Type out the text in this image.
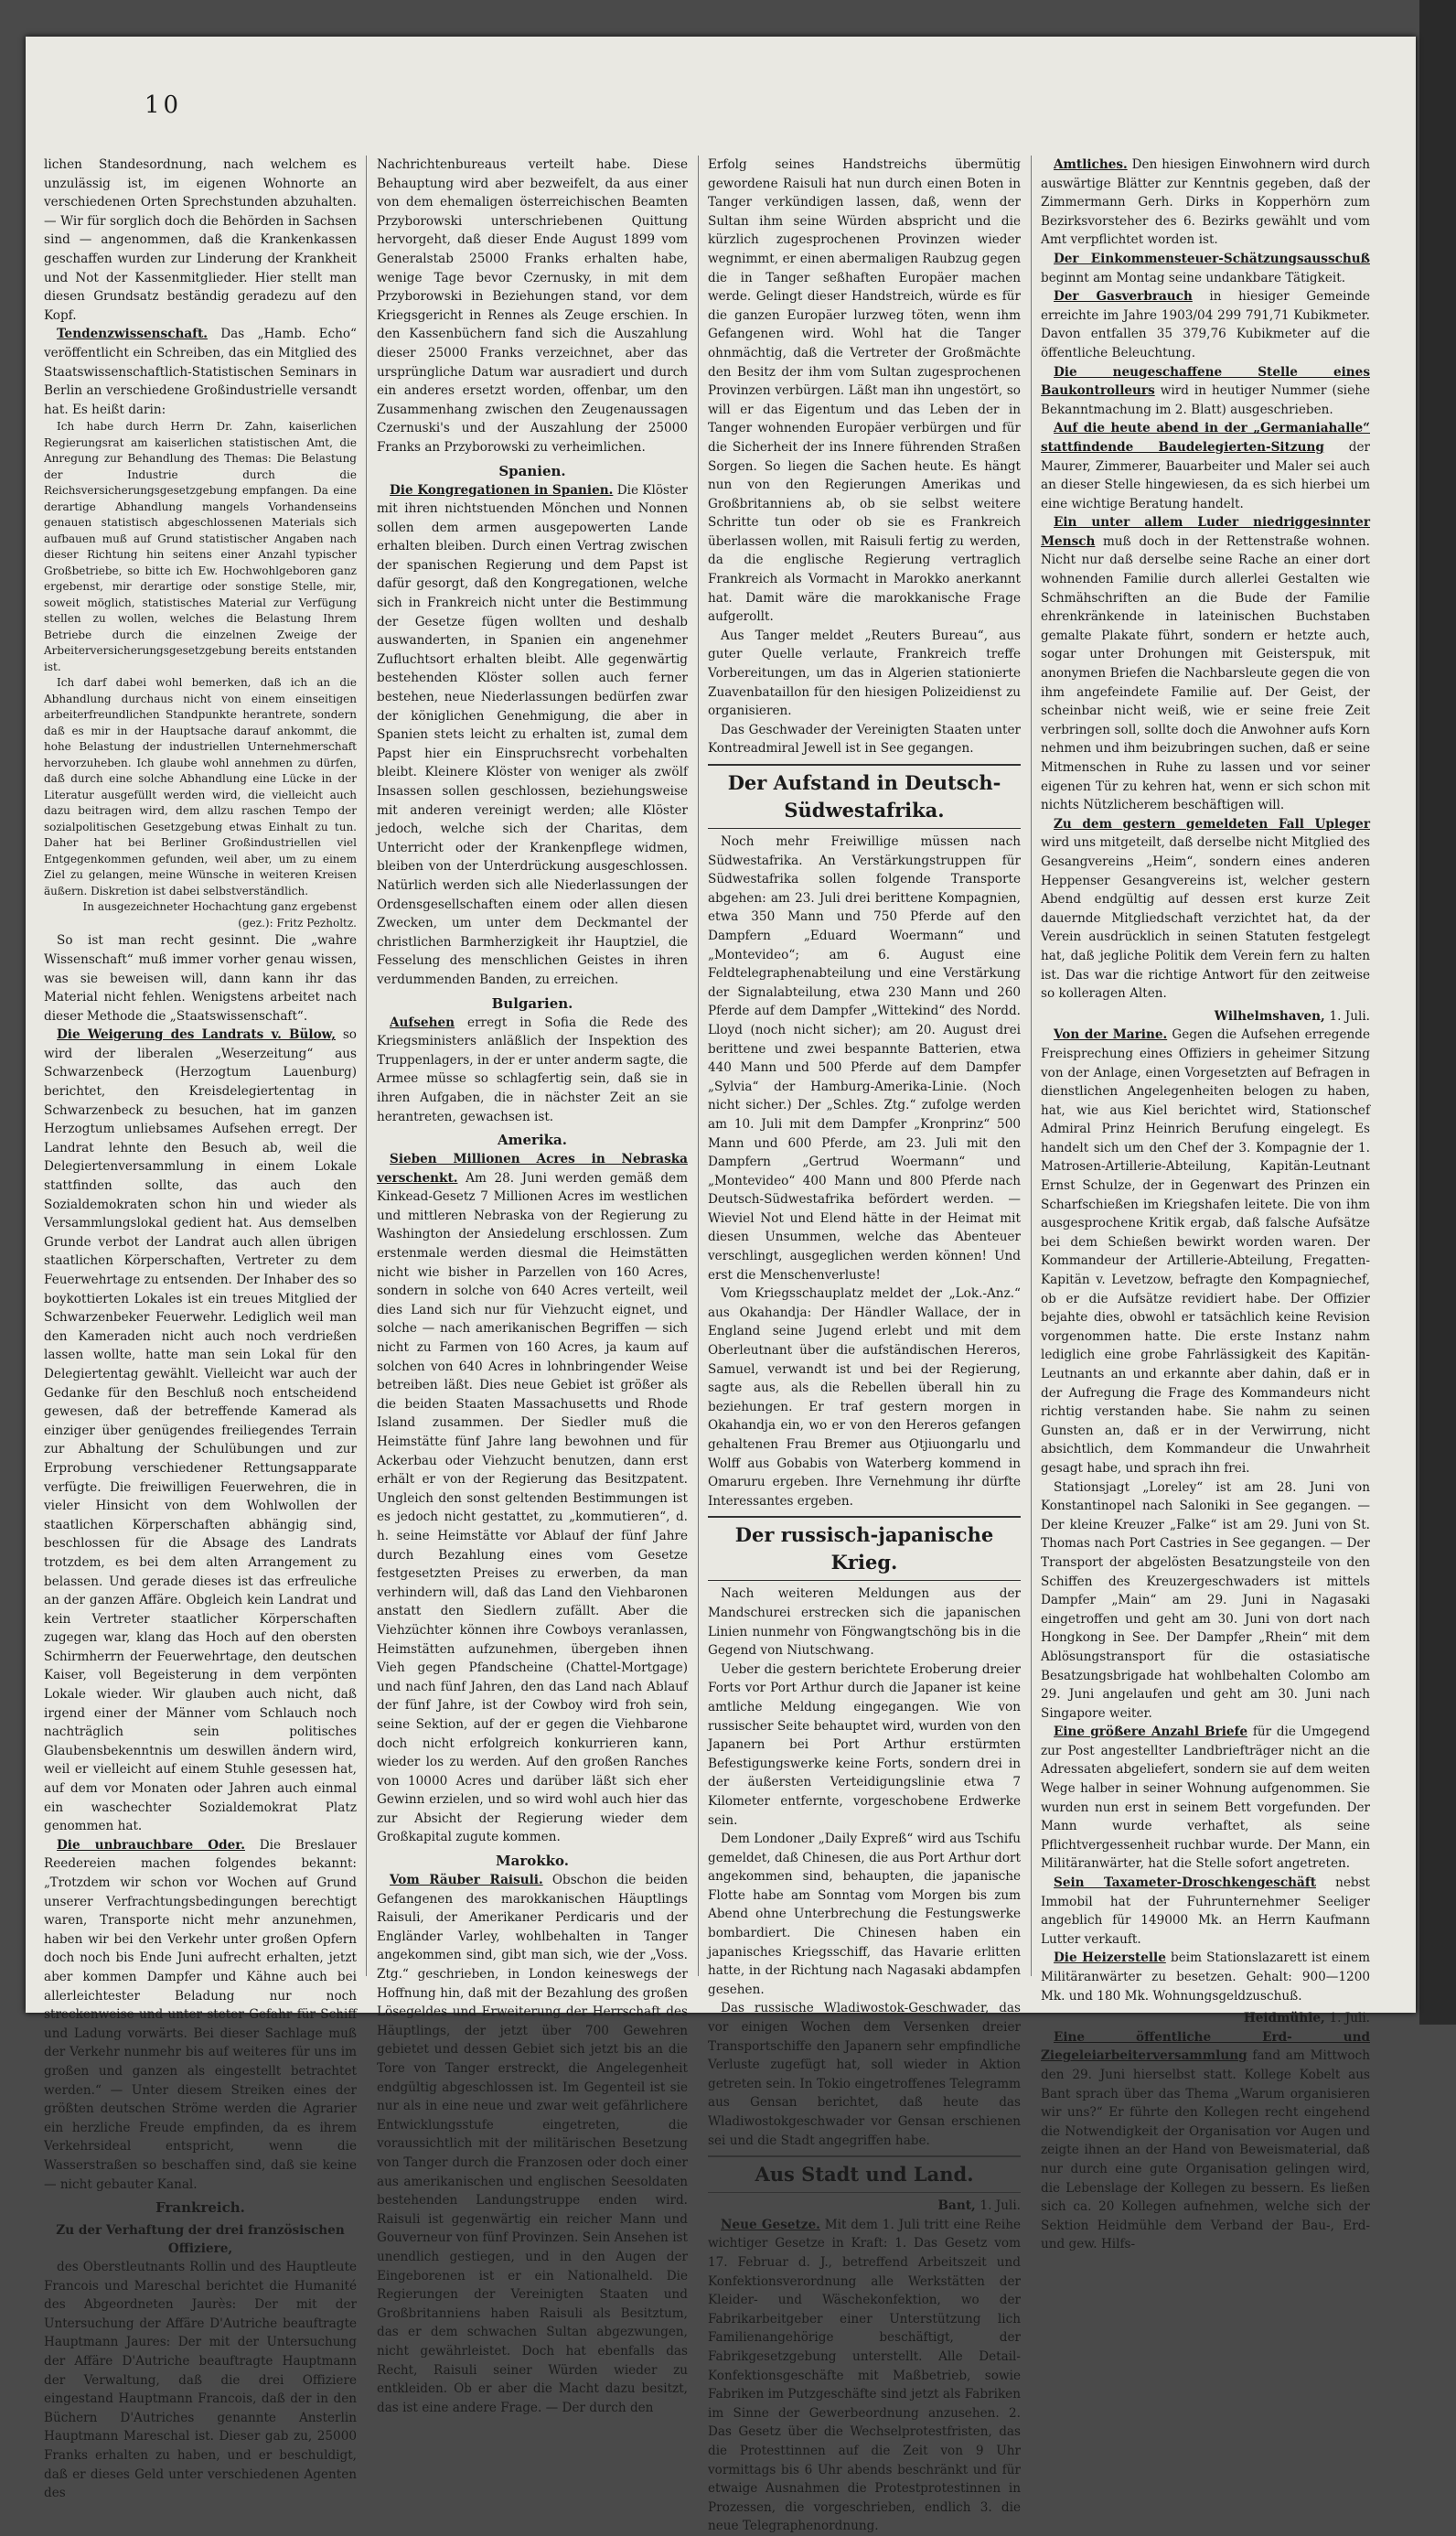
10

lichen Standesordnung, nach welchem es unzulässig ist, im eigenen Wohnorte an verschiedenen Orten Sprechstunden abzuhalten. — Wir für sorglich doch die Behörden in Sachsen sind — angenommen, daß die Krankenkassen geschaffen wurden zur Linderung der Krankheit und Not der Kassenmitglieder. Hier stellt man diesen Grundsatz beständig geradezu auf den Kopf.

Tendenzwissenschaft. Das „Hamb. Echo“ veröffentlicht ein Schreiben, das ein Mitglied des Staatswissenschaftlich-Statistischen Seminars in Berlin an verschiedene Großindustrielle versandt hat. Es heißt darin:

Ich habe durch Herrn Dr. Zahn, kaiserlichen Regierungsrat am kaiserlichen statistischen Amt, die Anregung zur Behandlung des Themas: Die Belastung der Industrie durch die Reichsversicherungsgesetzgebung empfangen. Da eine derartige Abhandlung mangels Vorhandenseins genauen statistisch abgeschlossenen Materials sich aufbauen muß auf Grund statistischer Angaben nach dieser Richtung hin seitens einer Anzahl typischer Großbetriebe, so bitte ich Ew. Hochwohlgeboren ganz ergebenst, mir derartige oder sonstige Stelle, mir, soweit möglich, statistisches Material zur Verfügung stellen zu wollen, welches die Belastung Ihrem Betriebe durch die einzelnen Zweige der Arbeiterversicherungsgesetzgebung bereits entstanden ist.

Ich darf dabei wohl bemerken, daß ich an die Abhandlung durchaus nicht von einem einseitigen arbeiterfreundlichen Standpunkte herantrete, sondern daß es mir in der Hauptsache darauf ankommt, die hohe Belastung der industriellen Unternehmerschaft hervorzuheben. Ich glaube wohl annehmen zu dürfen, daß durch eine solche Abhandlung eine Lücke in der Literatur ausgefüllt werden wird, die vielleicht auch dazu beitragen wird, dem allzu raschen Tempo der sozialpolitischen Gesetzgebung etwas Einhalt zu tun. Daher hat bei Berliner Großindustriellen viel Entgegenkommen gefunden, weil aber, um zu einem Ziel zu gelangen, meine Wünsche in weiteren Kreisen äußern. Diskretion ist dabei selbstverständlich.

In ausgezeichneter Hochachtung ganz ergebenst

(gez.): Fritz Pezholtz.

So ist man recht gesinnt. Die „wahre Wissenschaft“ muß immer vorher genau wissen, was sie beweisen will, dann kann ihr das Material nicht fehlen. Wenigstens arbeitet nach dieser Methode die „Staatswissenschaft“.

Die Weigerung des Landrats v. Bülow, so wird der liberalen „Weserzeitung“ aus Schwarzenbeck (Herzogtum Lauenburg) berichtet, den Kreisdelegiertentag in Schwarzenbeck zu besuchen, hat im ganzen Herzogtum unliebsames Aufsehen erregt. Der Landrat lehnte den Besuch ab, weil die Delegiertenversammlung in einem Lokale stattfinden sollte, das auch den Sozialdemokraten schon hin und wieder als Versammlungslokal gedient hat. Aus demselben Grunde verbot der Landrat auch allen übrigen staatlichen Körperschaften, Vertreter zu dem Feuerwehrtage zu entsenden. Der Inhaber des so boykottierten Lokales ist ein treues Mitglied der Schwarzenbeker Feuerwehr. Lediglich weil man den Kameraden nicht auch noch verdrießen lassen wollte, hatte man sein Lokal für den Delegiertentag gewählt. Vielleicht war auch der Gedanke für den Beschluß noch entscheidend gewesen, daß der betreffende Kamerad als einziger über genügendes freiliegendes Terrain zur Abhaltung der Schulübungen und zur Erprobung verschiedener Rettungsapparate verfügte. Die freiwilligen Feuerwehren, die in vieler Hinsicht von dem Wohlwollen der staatlichen Körperschaften abhängig sind, beschlossen für die Absage des Landrats trotzdem, es bei dem alten Arrangement zu belassen. Und gerade dieses ist das erfreuliche an der ganzen Affäre. Obgleich kein Landrat und kein Vertreter staatlicher Körperschaften zugegen war, klang das Hoch auf den obersten Schirmherrn der Feuerwehrtage, den deutschen Kaiser, voll Begeisterung in dem verpönten Lokale wieder. Wir glauben auch nicht, daß irgend einer der Männer vom Schlauch noch nachträglich sein politisches Glaubensbekenntnis um deswillen ändern wird, weil er vielleicht auf einem Stuhle gesessen hat, auf dem vor Monaten oder Jahren auch einmal ein waschechter Sozialdemokrat Platz genommen hat.

Die unbrauchbare Oder. Die Breslauer Reedereien machen folgendes bekannt: „Trotzdem wir schon vor Wochen auf Grund unserer Verfrachtungsbedingungen berechtigt waren, Transporte nicht mehr anzunehmen, haben wir bei den Verkehr unter großen Opfern doch noch bis Ende Juni aufrecht erhalten, jetzt aber kommen Dampfer und Kähne auch bei allerleichtester Beladung nur noch streckenweise und unter steter Gefahr für Schiff und Ladung vorwärts. Bei dieser Sachlage muß der Verkehr nunmehr bis auf weiteres für uns im großen und ganzen als eingestellt betrachtet werden.“ — Unter diesem Streiken eines der größten deutschen Ströme werden die Agrarier ein herzliche Freude empfinden, da es ihrem Verkehrsideal entspricht, wenn die Wasserstraßen so beschaffen sind, daß sie keine — nicht gebauter Kanal.

Frankreich.
Zu der Verhaftung der drei französischen Offiziere,

des Oberstleutnants Rollin und des Hauptleute Francois und Mareschal berichtet die Humanité des Abgeordneten Jaurès: Der mit der Untersuchung der Affäre D'Autriche beauftragte Hauptmann Jaures: Der mit der Untersuchung der Affäre D'Autriche beauftragte Hauptmann der Verwaltung, daß die drei Offiziere eingestand Hauptmann Francois, daß der in den Büchern D'Autriches genannte Ansterlin Hauptmann Mareschal ist. Dieser gab zu, 25000 Franks erhalten zu haben, und er beschuldigt, daß er dieses Geld unter verschiedenen Agenten des

Nachrichtenbureaus verteilt habe. Diese Behauptung wird aber bezweifelt, da aus einer von dem ehemaligen österreichischen Beamten Przyborowski unterschriebenen Quittung hervorgeht, daß dieser Ende August 1899 vom Generalstab 25000 Franks erhalten habe, wenige Tage bevor Czernusky, in mit dem Przyborowski in Beziehungen stand, vor dem Kriegsgericht in Rennes als Zeuge erschien. In den Kassenbüchern fand sich die Auszahlung dieser 25000 Franks verzeichnet, aber das ursprüngliche Datum war ausradiert und durch ein anderes ersetzt worden, offenbar, um den Zusammenhang zwischen den Zeugenaussagen Czernuski's und der Auszahlung der 25000 Franks an Przyborowski zu verheimlichen.

Spanien.

Die Kongregationen in Spanien. Die Klöster mit ihren nichtstuenden Mönchen und Nonnen sollen dem armen ausgepowerten Lande erhalten bleiben. Durch einen Vertrag zwischen der spanischen Regierung und dem Papst ist dafür gesorgt, daß den Kongregationen, welche sich in Frankreich nicht unter die Bestimmung der Gesetze fügen wollten und deshalb auswanderten, in Spanien ein angenehmer Zufluchtsort erhalten bleibt. Alle gegenwärtig bestehenden Klöster sollen auch ferner bestehen, neue Niederlassungen bedürfen zwar der königlichen Genehmigung, die aber in Spanien stets leicht zu erhalten ist, zumal dem Papst hier ein Einspruchsrecht vorbehalten bleibt. Kleinere Klöster von weniger als zwölf Insassen sollen geschlossen, beziehungsweise mit anderen vereinigt werden; alle Klöster jedoch, welche sich der Charitas, dem Unterricht oder der Krankenpflege widmen, bleiben von der Unterdrückung ausgeschlossen. Natürlich werden sich alle Niederlassungen der Ordensgesellschaften einem oder allen diesen Zwecken, um unter dem Deckmantel der christlichen Barmherzigkeit ihr Hauptziel, die Fesselung des menschlichen Geistes in ihren verdummenden Banden, zu erreichen.

Bulgarien.

Aufsehen erregt in Sofia die Rede des Kriegsministers anläßlich der Inspektion des Truppenlagers, in der er unter anderm sagte, die Armee müsse so schlagfertig sein, daß sie in ihren Aufgaben, die in nächster Zeit an sie herantreten, gewachsen ist.

Amerika.

Sieben Millionen Acres in Nebraska verschenkt. Am 28. Juni werden gemäß dem Kinkead-Gesetz 7 Millionen Acres im westlichen und mittleren Nebraska von der Regierung zu Washington der Ansiedelung erschlossen. Zum erstenmale werden diesmal die Heimstätten nicht wie bisher in Parzellen von 160 Acres, sondern in solche von 640 Acres verteilt, weil dies Land sich nur für Viehzucht eignet, und solche — nach amerikanischen Begriffen — sich nicht zu Farmen von 160 Acres, ja kaum auf solchen von 640 Acres in lohnbringender Weise betreiben läßt. Dies neue Gebiet ist größer als die beiden Staaten Massachusetts und Rhode Island zusammen. Der Siedler muß die Heimstätte fünf Jahre lang bewohnen und für Ackerbau oder Viehzucht benutzen, dann erst erhält er von der Regierung das Besitzpatent. Ungleich den sonst geltenden Bestimmungen ist es jedoch nicht gestattet, zu „kommutieren“, d. h. seine Heimstätte vor Ablauf der fünf Jahre durch Bezahlung eines vom Gesetze festgesetzten Preises zu erwerben, da man verhindern will, daß das Land den Viehbaronen anstatt den Siedlern zufällt. Aber die Viehzüchter können ihre Cowboys veranlassen, Heimstätten aufzunehmen, übergeben ihnen Vieh gegen Pfandscheine (Chattel-Mortgage) und nach fünf Jahren, den das Land nach Ablauf der fünf Jahre, ist der Cowboy wird froh sein, seine Sektion, auf der er gegen die Viehbarone doch nicht erfolgreich konkurrieren kann, wieder los zu werden. Auf den großen Ranches von 10000 Acres und darüber läßt sich eher Gewinn erzielen, und so wird wohl auch hier das zur Absicht der Regierung wieder dem Großkapital zugute kommen.

Marokko.

Vom Räuber Raisuli. Obschon die beiden Gefangenen des marokkanischen Häuptlings Raisuli, der Amerikaner Perdicaris und der Engländer Varley, wohlbehalten in Tanger angekommen sind, gibt man sich, wie der „Voss. Ztg.“ geschrieben, in London keineswegs der Hoffnung hin, daß mit der Bezahlung des großen Lösegeldes und Erweiterung der Herrschaft des Häuptlings, der jetzt über 700 Gewehren gebietet und dessen Gebiet sich jetzt bis an die Tore von Tanger erstreckt, die Angelegenheit endgültig abgeschlossen ist. Im Gegenteil ist sie nur als in eine neue und zwar weit gefährlichere Entwicklungsstufe eingetreten, die voraussichtlich mit der militärischen Besetzung von Tanger durch die Franzosen oder doch einer aus amerikanischen und englischen Seesoldaten bestehenden Landungstruppe enden wird. Raisuli ist gegenwärtig ein reicher Mann und Gouverneur von fünf Provinzen. Sein Ansehen ist unendlich gestiegen, und in den Augen der Eingeborenen ist er ein Nationalheld. Die Regierungen der Vereinigten Staaten und Großbritanniens haben Raisuli als Besitztum, das er dem schwachen Sultan abgezwungen, nicht gewährleistet. Doch hat ebenfalls das Recht, Raisuli seiner Würden wieder zu entkleiden. Ob er aber die Macht dazu besitzt, das ist eine andere Frage. — Der durch den

Erfolg seines Handstreichs übermütig gewordene Raisuli hat nun durch einen Boten in Tanger verkündigen lassen, daß, wenn der Sultan ihm seine Würden abspricht und die kürzlich zugesprochenen Provinzen wieder wegnimmt, er einen abermaligen Raubzug gegen die in Tanger seßhaften Europäer machen werde. Gelingt dieser Handstreich, würde es für die ganzen Europäer lurzweg töten, wenn ihm Gefangenen wird. Wohl hat die Tanger ohnmächtig, daß die Vertreter der Großmächte den Besitz der ihm vom Sultan zugesprochenen Provinzen verbürgen. Läßt man ihn ungestört, so will er das Eigentum und das Leben der in Tanger wohnenden Europäer verbürgen und für die Sicherheit der ins Innere führenden Straßen Sorgen. So liegen die Sachen heute. Es hängt nun von den Regierungen Amerikas und Großbritanniens ab, ob sie selbst weitere Schritte tun oder ob sie es Frankreich überlassen wollen, mit Raisuli fertig zu werden, da die englische Regierung vertraglich Frankreich als Vormacht in Marokko anerkannt hat. Damit wäre die marokkanische Frage aufgerollt.

Aus Tanger meldet „Reuters Bureau“, aus guter Quelle verlaute, Frankreich treffe Vorbereitungen, um das in Algerien stationierte Zuavenbataillon für den hiesigen Polizeidienst zu organisieren.

Das Geschwader der Vereinigten Staaten unter Kontreadmiral Jewell ist in See gegangen.

Der Aufstand in Deutsch-Südwestafrika.

Noch mehr Freiwillige müssen nach Südwestafrika. An Verstärkungstruppen für Südwestafrika sollen folgende Transporte abgehen: am 23. Juli drei berittene Kompagnien, etwa 350 Mann und 750 Pferde auf den Dampfern „Eduard Woermann“ und „Montevideo“; am 6. August eine Feldtelegraphenabteilung und eine Verstärkung der Signalabteilung, etwa 230 Mann und 260 Pferde auf dem Dampfer „Wittekind“ des Nordd. Lloyd (noch nicht sicher); am 20. August drei berittene und zwei bespannte Batterien, etwa 440 Mann und 500 Pferde auf dem Dampfer „Sylvia“ der Hamburg-Amerika-Linie. (Noch nicht sicher.) Der „Schles. Ztg.“ zufolge werden am 10. Juli mit dem Dampfer „Kronprinz“ 500 Mann und 600 Pferde, am 23. Juli mit den Dampfern „Gertrud Woermann“ und „Montevideo“ 400 Mann und 800 Pferde nach Deutsch-Südwestafrika befördert werden. — Wieviel Not und Elend hätte in der Heimat mit diesen Unsummen, welche das Abenteuer verschlingt, ausgeglichen werden können! Und erst die Menschenverluste!

Vom Kriegsschauplatz meldet der „Lok.-Anz.“ aus Okahandja: Der Händler Wallace, der in England seine Jugend erlebt und mit dem Oberleutnant über die aufständischen Hereros, Samuel, verwandt ist und bei der Regierung, sagte aus, als die Rebellen überall hin zu beziehungen. Er traf gestern morgen in Okahandja ein, wo er von den Hereros gefangen gehaltenen Frau Bremer aus Otjiuongarlu und Wolff aus Gobabis von Waterberg kommend in Omaruru ergeben. Ihre Vernehmung ihr dürfte Interessantes ergeben.

Der russisch-japanische Krieg.

Nach weiteren Meldungen aus der Mandschurei erstrecken sich die japanischen Linien nunmehr von Föngwangtschöng bis in die Gegend von Niutschwang.

Ueber die gestern berichtete Eroberung dreier Forts vor Port Arthur durch die Japaner ist keine amtliche Meldung eingegangen. Wie von russischer Seite behauptet wird, wurden von den Japanern bei Port Arthur erstürmten Befestigungswerke keine Forts, sondern drei in der äußersten Verteidigungslinie etwa 7 Kilometer entfernte, vorgeschobene Erdwerke sein.

Dem Londoner „Daily Expreß“ wird aus Tschifu gemeldet, daß Chinesen, die aus Port Arthur dort angekommen sind, behaupten, die japanische Flotte habe am Sonntag vom Morgen bis zum Abend ohne Unterbrechung die Festungswerke bombardiert. Die Chinesen haben ein japanisches Kriegsschiff, das Havarie erlitten hatte, in der Richtung nach Nagasaki abdampfen gesehen.

Das russische Wladiwostok-Geschwader, das vor einigen Wochen dem Versenken dreier Transportschiffe den Japanern sehr empfindliche Verluste zugefügt hat, soll wieder in Aktion getreten sein. In Tokio eingetroffenes Telegramm aus Gensan berichtet, daß heute das Wladiwostokgeschwader vor Gensan erschienen sei und die Stadt angegriffen habe.

Aus Stadt und Land.
Bant, 1. Juli.

Neue Gesetze. Mit dem 1. Juli tritt eine Reihe wichtiger Gesetze in Kraft: 1. Das Gesetz vom 17. Februar d. J., betreffend Arbeitszeit und Konfektionsverordnung alle Werkstätten der Kleider- und Wäschekonfektion, wo der Fabrikarbeitgeber einer Unterstützung lich Familienangehörige beschäftigt, der Fabrikgesetzgebung unterstellt. Alle Detail-Konfektionsgeschäfte mit Maßbetrieb, sowie Fabriken im Putzgeschäfte sind jetzt als Fabriken im Sinne der Gewerbeordnung anzusehen. 2. Das Gesetz über die Wechselprotestfristen, das die Protesttinnen auf die Zeit von 9 Uhr vormittags bis 6 Uhr abends beschränkt und für etwaige Ausnahmen die Protestprotestinnen in Prozessen, die vorgeschrieben, endlich 3. die neue Telegraphenordnung.

Amtliches. Den hiesigen Einwohnern wird durch auswärtige Blätter zur Kenntnis gegeben, daß der Zimmermann Gerh. Dirks in Kopperhörn zum Bezirksvorsteher des 6. Bezirks gewählt und vom Amt verpflichtet worden ist.

Der Einkommensteuer-Schätzungsausschuß beginnt am Montag seine undankbare Tätigkeit.

Der Gasverbrauch in hiesiger Gemeinde erreichte im Jahre 1903/04 299 791,71 Kubikmeter. Davon entfallen 35 379,76 Kubikmeter auf die öffentliche Beleuchtung.

Die neugeschaffene Stelle eines Baukontrolleurs wird in heutiger Nummer (siehe Bekanntmachung im 2. Blatt) ausgeschrieben.

Auf die heute abend in der „Germaniahalle“ stattfindende Baudelegierten-Sitzung der Maurer, Zimmerer, Bauarbeiter und Maler sei auch an dieser Stelle hingewiesen, da es sich hierbei um eine wichtige Beratung handelt.

Ein unter allem Luder niedriggesinnter Mensch muß doch in der Rettenstraße wohnen. Nicht nur daß derselbe seine Rache an einer dort wohnenden Familie durch allerlei Gestalten wie Schmähschriften an die Bude der Familie ehrenkränkende in lateinischen Buchstaben gemalte Plakate führt, sondern er hetzte auch, sogar unter Drohungen mit Geisterspuk, mit anonymen Briefen die Nachbarsleute gegen die von ihm angefeindete Familie auf. Der Geist, der scheinbar nicht weiß, wie er seine freie Zeit verbringen soll, sollte doch die Anwohner aufs Korn nehmen und ihm beizubringen suchen, daß er seine Mitmenschen in Ruhe zu lassen und vor seiner eigenen Tür zu kehren hat, wenn er sich schon mit nichts Nützlicherem beschäftigen will.

Zu dem gestern gemeldeten Fall Upleger wird uns mitgeteilt, daß derselbe nicht Mitglied des Gesangvereins „Heim“, sondern eines anderen Heppenser Gesangvereins ist, welcher gestern Abend endgültig auf dessen erst kurze Zeit dauernde Mitgliedschaft verzichtet hat, da der Verein ausdrücklich in seinen Statuten festgelegt hat, daß jegliche Politik dem Verein fern zu halten ist. Das war die richtige Antwort für den zeitweise so kolleragen Alten.

Wilhelmshaven, 1. Juli.

Von der Marine. Gegen die Aufsehen erregende Freisprechung eines Offiziers in geheimer Sitzung von der Anlage, einen Vorgesetzten auf Befragen in dienstlichen Angelegenheiten belogen zu haben, hat, wie aus Kiel berichtet wird, Stationschef Admiral Prinz Heinrich Berufung eingelegt. Es handelt sich um den Chef der 3. Kompagnie der 1. Matrosen-Artillerie-Abteilung, Kapitän-Leutnant Ernst Schulze, der in Gegenwart des Prinzen ein Scharfschießen im Kriegshafen leitete. Die von ihm ausgesprochene Kritik ergab, daß falsche Aufsätze bei dem Schießen bewirkt worden waren. Der Kommandeur der Artillerie-Abteilung, Fregatten-Kapitän v. Levetzow, befragte den Kompagniechef, ob er die Aufsätze revidiert habe. Der Offizier bejahte dies, obwohl er tatsächlich keine Revision vorgenommen hatte. Die erste Instanz nahm lediglich eine grobe Fahrlässigkeit des Kapitän-Leutnants an und erkannte aber dahin, daß er in der Aufregung die Frage des Kommandeurs nicht richtig verstanden habe. Sie nahm zu seinen Gunsten an, daß er in der Verwirrung, nicht absichtlich, dem Kommandeur die Unwahrheit gesagt habe, und sprach ihn frei.

Stationsjagt „Loreley“ ist am 28. Juni von Konstantinopel nach Saloniki in See gegangen. — Der kleine Kreuzer „Falke“ ist am 29. Juni von St. Thomas nach Port Castries in See gegangen. — Der Transport der abgelösten Besatzungsteile von den Schiffen des Kreuzergeschwaders ist mittels Dampfer „Main“ am 29. Juni in Nagasaki eingetroffen und geht am 30. Juni von dort nach Hongkong in See. Der Dampfer „Rhein“ mit dem Ablösungstransport für die ostasiatische Besatzungsbrigade hat wohlbehalten Colombo am 29. Juni angelaufen und geht am 30. Juni nach Singapore weiter.

Eine größere Anzahl Briefe für die Umgegend zur Post angestellter Landbriefträger nicht an die Adressaten abgeliefert, sondern sie auf dem weiten Wege halber in seiner Wohnung aufgenommen. Sie wurden nun erst in seinem Bett vorgefunden. Der Mann wurde verhaftet, als seine Pflichtvergessenheit ruchbar wurde. Der Mann, ein Militäranwärter, hat die Stelle sofort angetreten.

Sein Taxameter-Droschkengeschäft nebst Immobil hat der Fuhrunternehmer Seeliger angeblich für 149000 Mk. an Herrn Kaufmann Lutter verkauft.

Die Heizerstelle beim Stationslazarett ist einem Militäranwärter zu besetzen. Gehalt: 900—1200 Mk. und 180 Mk. Wohnungsgeldzuschuß.

Heidmühle, 1. Juli.

Eine öffentliche Erd- und Ziegeleiarbeiterversammlung fand am Mittwoch den 29. Juni hierselbst statt. Kollege Kobelt aus Bant sprach über das Thema „Warum organisieren wir uns?“ Er führte den Kollegen recht eingehend die Notwendigkeit der Organisation vor Augen und zeigte ihnen an der Hand von Beweismaterial, daß nur durch eine gute Organisation gelingen wird, die Lebenslage der Kollegen zu bessern. Es ließen sich ca. 20 Kollegen aufnehmen, welche sich der Sektion Heidmühle dem Verband der Bau-, Erd- und gew. Hilfs-
